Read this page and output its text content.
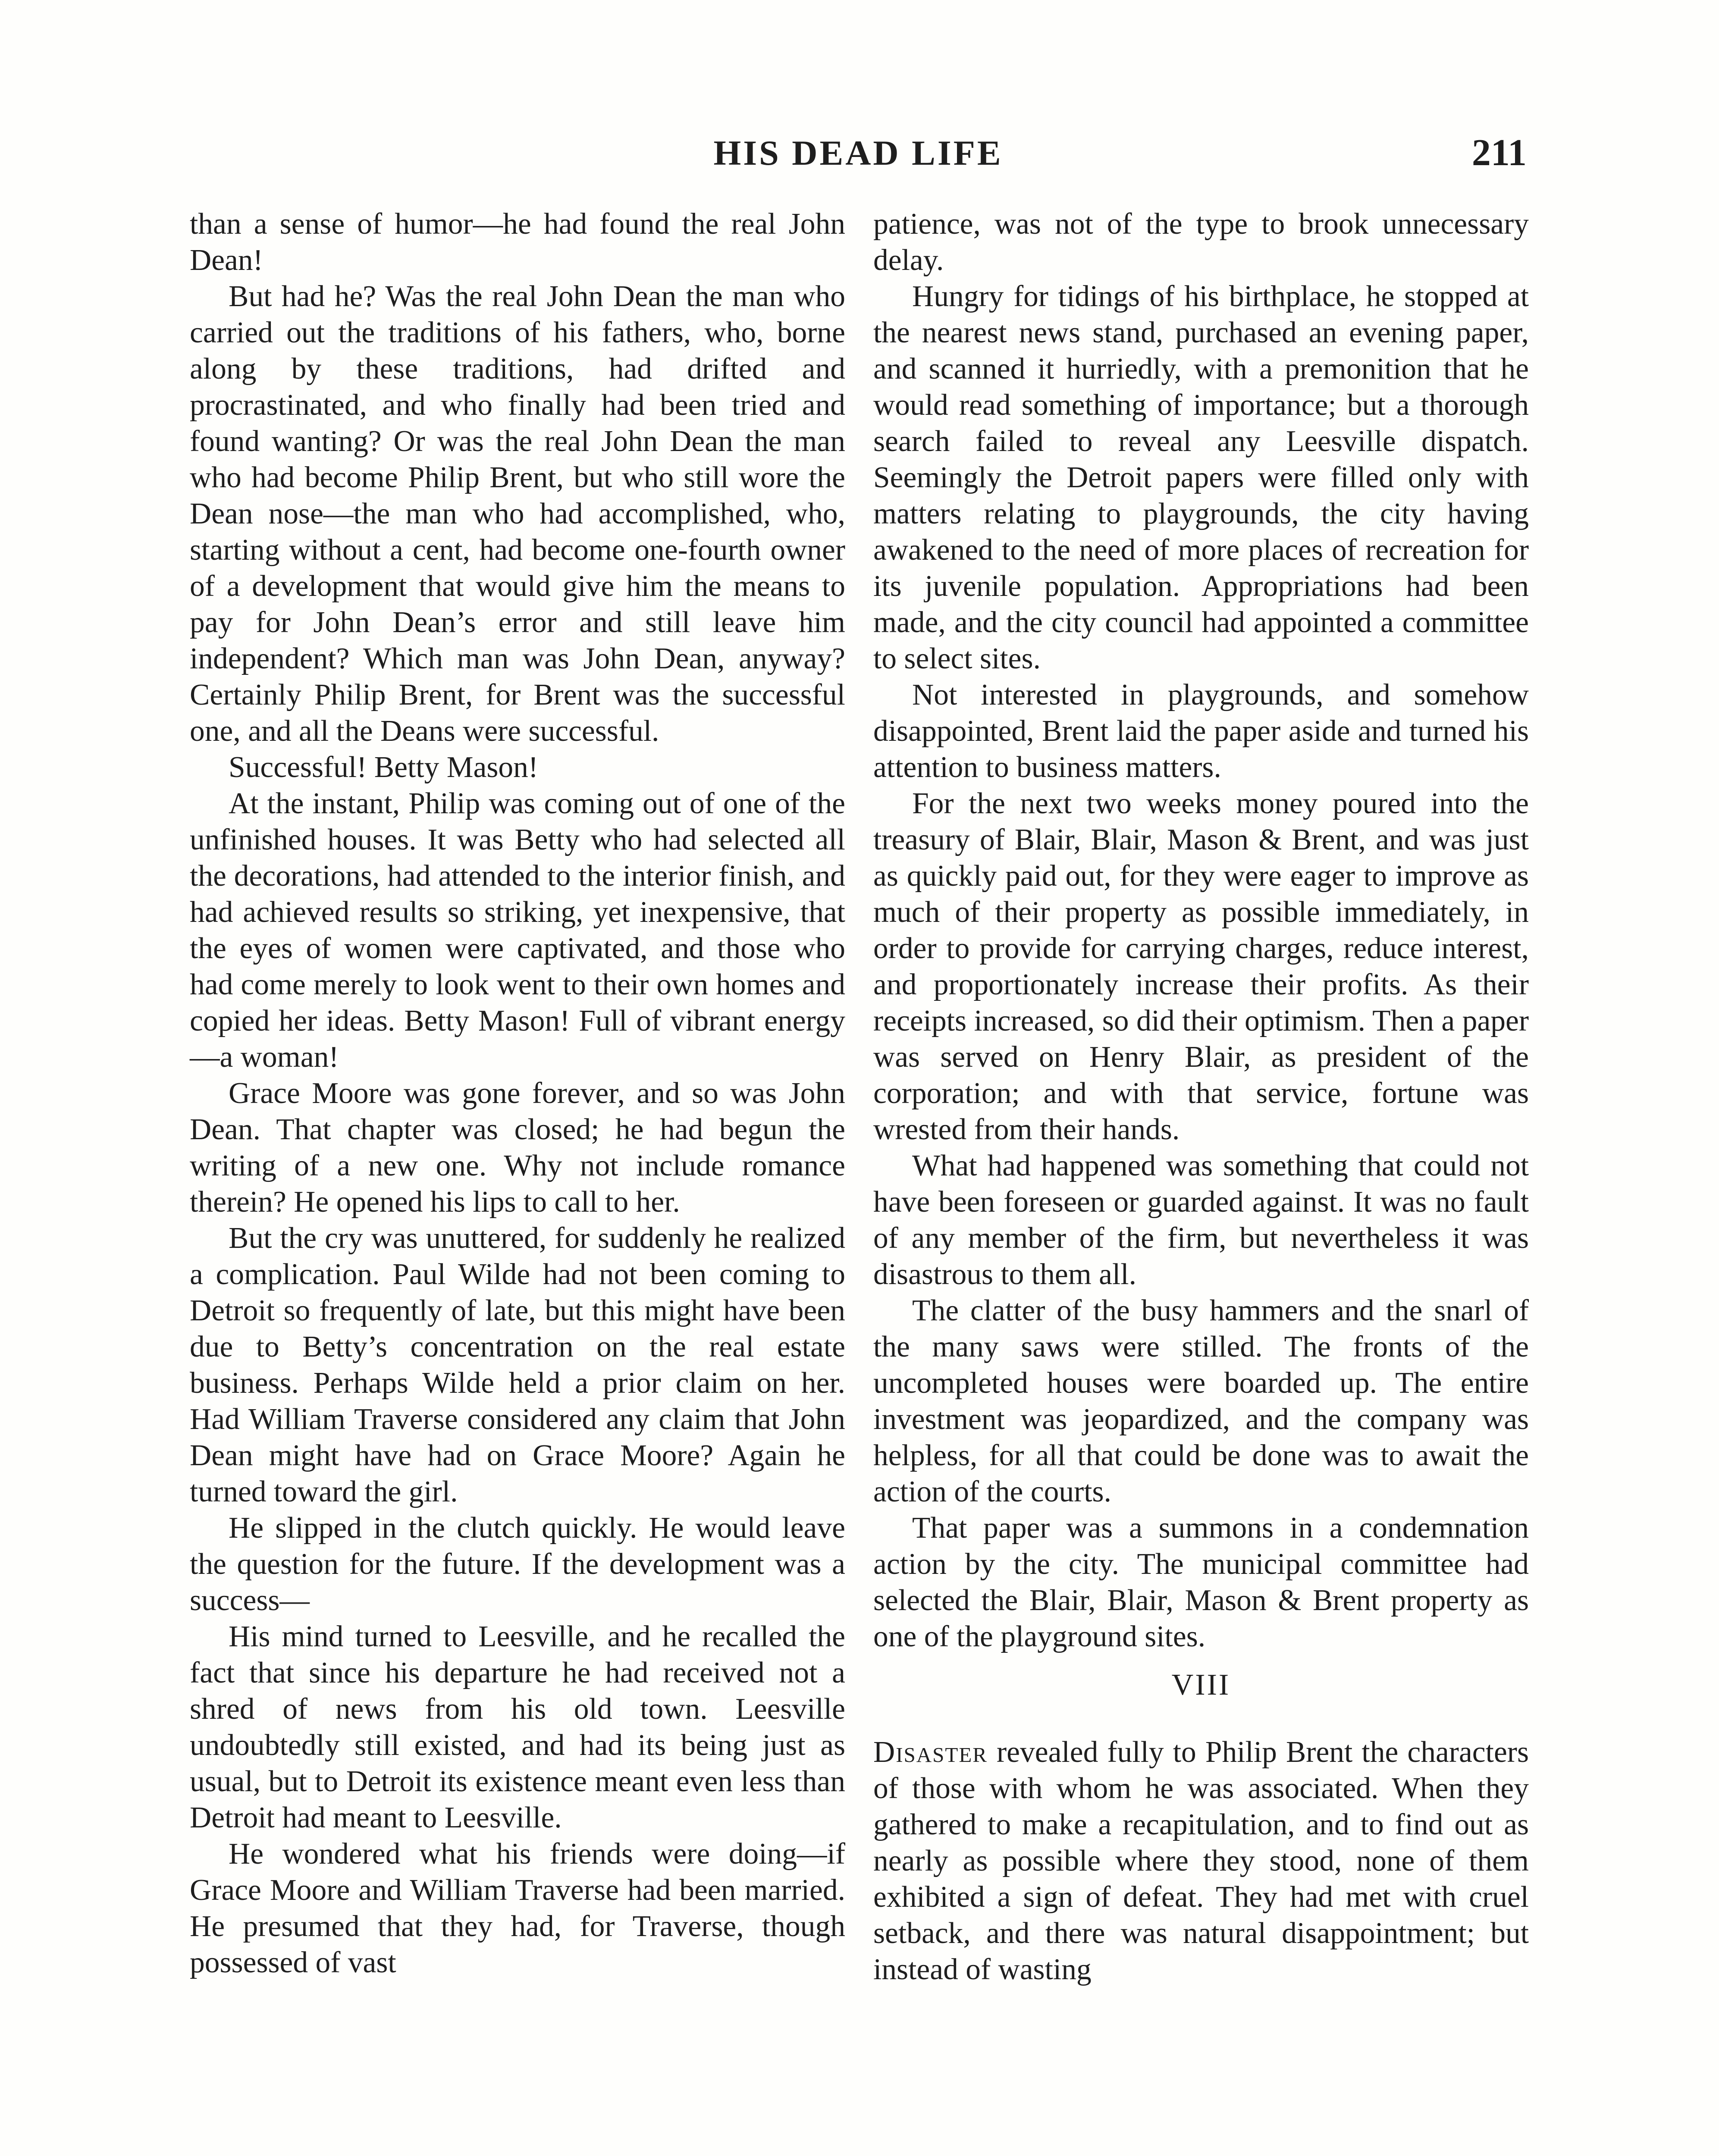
HIS DEAD LIFE	211

than a sense of humor—he had found the real John Dean!

But had he? Was the real John Dean the man who carried out the traditions of his fathers, who, borne along by these traditions, had drifted and procrastinated, and who finally had been tried and found wanting? Or was the real John Dean the man who had become Philip Brent, but who still wore the Dean nose—the man who had accomplished, who, starting without a cent, had become one-fourth owner of a development that would give him the means to pay for John Dean’s error and still leave him independent? Which man was John Dean, anyway? Certainly Philip Brent, for Brent was the successful one, and all the Deans were successful.

Successful! Betty Mason!

At the instant, Philip was coming out of one of the unfinished houses. It was Betty who had selected all the decorations, had attended to the interior finish, and had achieved results so striking, yet inexpensive, that the eyes of women were captivated, and those who had come merely to look went to their own homes and copied her ideas. Betty Mason! Full of vibrant energy—a woman!

Grace Moore was gone forever, and so was John Dean. That chapter was closed; he had begun the writing of a new one. Why not include romance therein? He opened his lips to call to her.

But the cry was unuttered, for suddenly he realized a complication. Paul Wilde had not been coming to Detroit so frequently of late, but this might have been due to Betty’s concentration on the real estate business. Perhaps Wilde held a prior claim on her. Had William Traverse considered any claim that John Dean might have had on Grace Moore? Again he turned toward the girl.

He slipped in the clutch quickly. He would leave the question for the future. If the development was a success—

His mind turned to Leesville, and he recalled the fact that since his departure he had received not a shred of news from his old town. Leesville undoubtedly still existed, and had its being just as usual, but to Detroit its existence meant even less than Detroit had meant to Leesville.

He wondered what his friends were doing—if Grace Moore and William Traverse had been married. He presumed that they had, for Traverse, though possessed of vast

patience, was not of the type to brook unnecessary delay.

Hungry for tidings of his birthplace, he stopped at the nearest news stand, purchased an evening paper, and scanned it hurriedly, with a premonition that he would read something of importance; but a thorough search failed to reveal any Leesville dispatch. Seemingly the Detroit papers were filled only with matters relating to playgrounds, the city having awakened to the need of more places of recreation for its juvenile population. Appropriations had been made, and the city council had appointed a committee to select sites.

Not interested in playgrounds, and somehow disappointed, Brent laid the paper aside and turned his attention to business matters.

For the next two weeks money poured into the treasury of Blair, Blair, Mason & Brent, and was just as quickly paid out, for they were eager to improve as much of their property as possible immediately, in order to provide for carrying charges, reduce interest, and proportionately increase their profits. As their receipts increased, so did their optimism. Then a paper was served on Henry Blair, as president of the corporation; and with that service, fortune was wrested from their hands.

What had happened was something that could not have been foreseen or guarded against. It was no fault of any member of the firm, but nevertheless it was disastrous to them all.

The clatter of the busy hammers and the snarl of the many saws were stilled. The fronts of the uncompleted houses were boarded up. The entire investment was jeopardized, and the company was helpless, for all that could be done was to await the action of the courts.

That paper was a summons in a condemnation action by the city. The municipal committee had selected the Blair, Blair, Mason & Brent property as one of the playground sites.

VIII

Disaster revealed fully to Philip Brent the characters of those with whom he was associated. When they gathered to make a recapitulation, and to find out as nearly as possible where they stood, none of them exhibited a sign of defeat. They had met with cruel setback, and there was natural disappointment; but instead of wasting
